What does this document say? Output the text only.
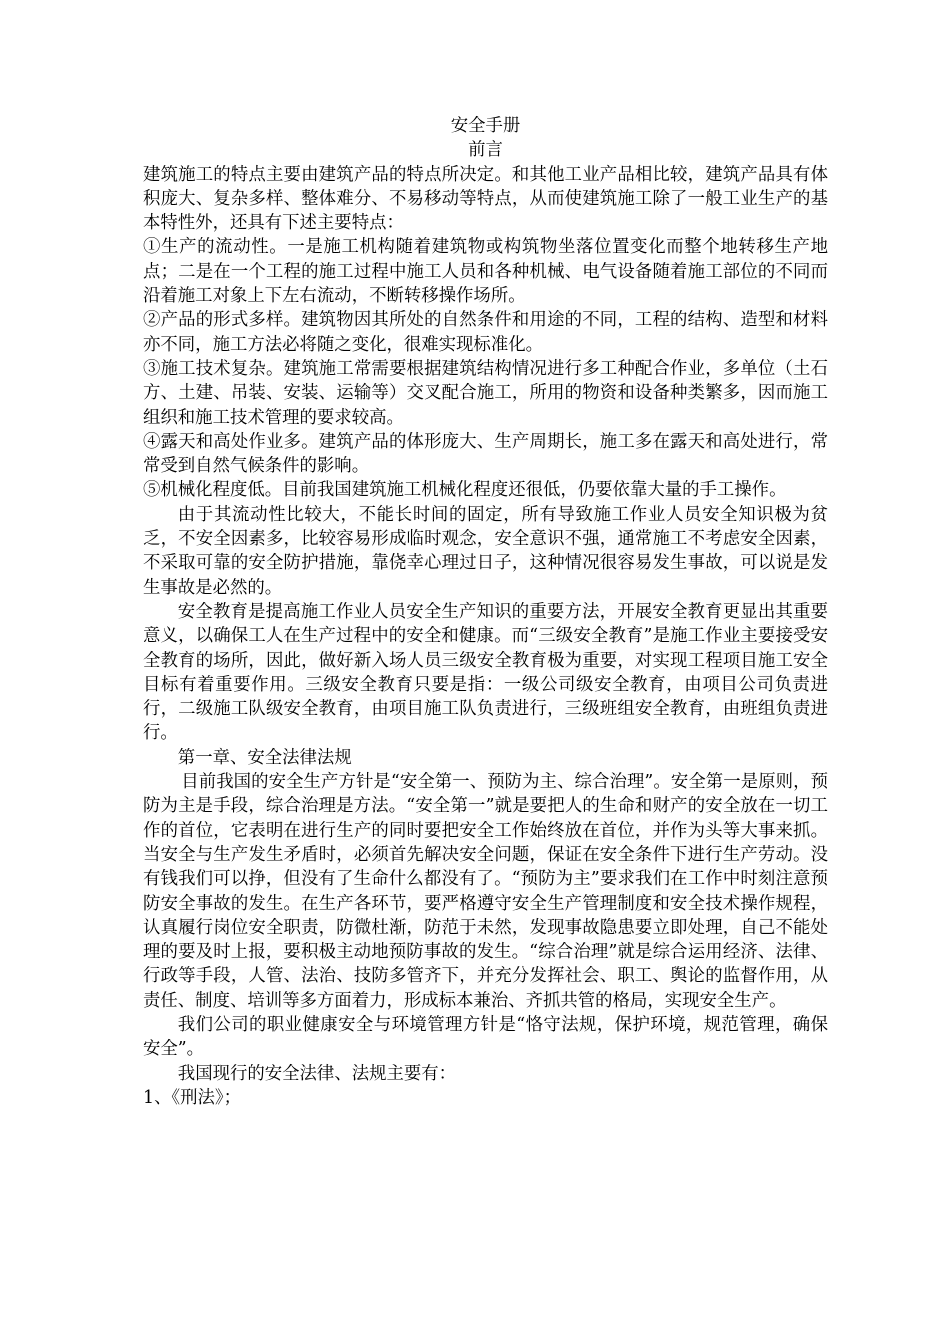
安全手册
前言

建筑施工的特点主要由建筑产品的特点所决定。和其他工业产品相比较，建筑产品具有体积庞大、复杂多样、整体难分、不易移动等特点，从而使建筑施工除了一般工业生产的基本特性外，还具有下述主要特点：

①生产的流动性。一是施工机构随着建筑物或构筑物坐落位置变化而整个地转移生产地点；二是在一个工程的施工过程中施工人员和各种机械、电气设备随着施工部位的不同而沿着施工对象上下左右流动，不断转移操作场所。

②产品的形式多样。建筑物因其所处的自然条件和用途的不同，工程的结构、造型和材料亦不同，施工方法必将随之变化，很难实现标准化。

③施工技术复杂。建筑施工常需要根据建筑结构情况进行多工种配合作业，多单位（土石方、土建、吊装、安装、运输等）交叉配合施工，所用的物资和设备种类繁多，因而施工组织和施工技术管理的要求较高。

④露天和高处作业多。建筑产品的体形庞大、生产周期长，施工多在露天和高处进行，常常受到自然气候条件的影响。

⑤机械化程度低。目前我国建筑施工机械化程度还很低，仍要依靠大量的手工操作。

由于其流动性比较大，不能长时间的固定，所有导致施工作业人员安全知识极为贫乏，不安全因素多，比较容易形成临时观念，安全意识不强，通常施工不考虑安全因素，不采取可靠的安全防护措施，靠侥幸心理过日子，这种情况很容易发生事故，可以说是发生事故是必然的。

安全教育是提高施工作业人员安全生产知识的重要方法，开展安全教育更显出其重要意义，以确保工人在生产过程中的安全和健康。而“三级安全教育”是施工作业主要接受安全教育的场所，因此，做好新入场人员三级安全教育极为重要，对实现工程项目施工安全目标有着重要作用。三级安全教育只要是指：一级公司级安全教育，由项目公司负责进行，二级施工队级安全教育，由项目施工队负责进行，三级班组安全教育，由班组负责进行。

第一章、安全法律法规

目前我国的安全生产方针是“安全第一、预防为主、综合治理”。安全第一是原则，预防为主是手段，综合治理是方法。“安全第一”就是要把人的生命和财产的安全放在一切工作的首位，它表明在进行生产的同时要把安全工作始终放在首位，并作为头等大事来抓。当安全与生产发生矛盾时，必须首先解决安全问题，保证在安全条件下进行生产劳动。没有钱我们可以挣，但没有了生命什么都没有了。“预防为主”要求我们在工作中时刻注意预防安全事故的发生。在生产各环节，要严格遵守安全生产管理制度和安全技术操作规程，认真履行岗位安全职责，防微杜渐，防范于未然，发现事故隐患要立即处理，自己不能处理的要及时上报，要积极主动地预防事故的发生。“综合治理”就是综合运用经济、法律、行政等手段，人管、法治、技防多管齐下，并充分发挥社会、职工、舆论的监督作用，从责任、制度、培训等多方面着力，形成标本兼治、齐抓共管的格局，实现安全生产。

我们公司的职业健康安全与环境管理方针是“恪守法规，保护环境，规范管理，确保安全”。

我国现行的安全法律、法规主要有：

1、《刑法》；
